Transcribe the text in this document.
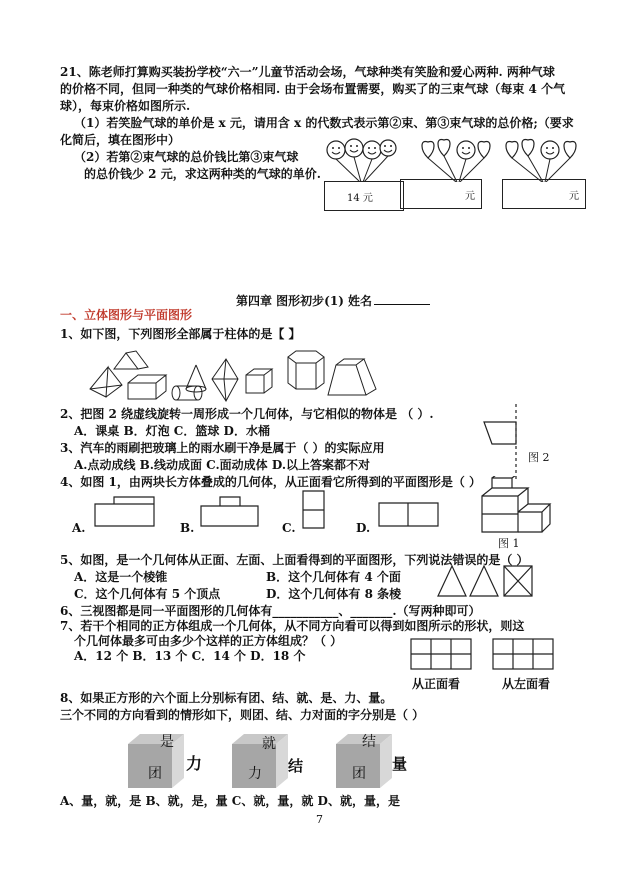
21、陈老师打算购买装扮学校“六一”儿童节活动会场，气球种类有笑脸和爱心两种. 两种气球
的价格不同，但同一种类的气球价格相同. 由于会场布置需要，购买了的三束气球（每束 4 个气
球），每束价格如图所示.
（1）若笑脸气球的单价是 x 元，请用含 x 的代数式表示第②束、第③束气球的总价格;（要求
化简后，填在图形中）
（2）若第②束气球的总价钱比第③束气球
的总价钱少 2 元，求这两种类的气球的单价.
14 元	元	元
第四章 图形初步(1) 姓名
一、立体图形与平面图形
1、如下图，下列图形全部属于柱体的是【 】
2、把图 2 绕虚线旋转一周形成一个几何体，与它相似的物体是 （ ）.
A．课桌 B．灯泡 C．篮球 D．水桶
图 2
3、汽车的雨刷把玻璃上的雨水刷干净是属于（ ）的实际应用
A.点动成线 B.线动成面 C.面动成体 D.以上答案都不对
4、如图 1，由两块长方体叠成的几何体，从正面看它所得到的平面图形是（ ）
A.	B.	C.	D.
图 1
5、如图，是一个几何体从正面、左面、上面看得到的平面图形，下列说法错误的是（ ）
A．这是一个棱锥	B．这个几何体有 4 个面
C．这个几何体有 5 个顶点	D．这个几何体有 8 条棱
6、三视图都是同一平面图形的几何体有___________、_______.（写两种即可）
7、若干个相同的正方体组成一个几何体，从不同方向看可以得到如图所示的形状，则这
个几何体最多可由多少个这样的正方体组成？（ ）
A．12 个 B．13 个 C．14 个 D．18 个
从正面看	从左面看
8、如果正方形的六个面上分别标有团、结、就、是、力、量。
三个不同的方向看到的情形如下，则团、结、力对面的字分别是（ ）
是
团
力
就
力 结
结
团
量
A、量，就，是 B、就，是，量 C、就，量，就 D、就，量，是
7
